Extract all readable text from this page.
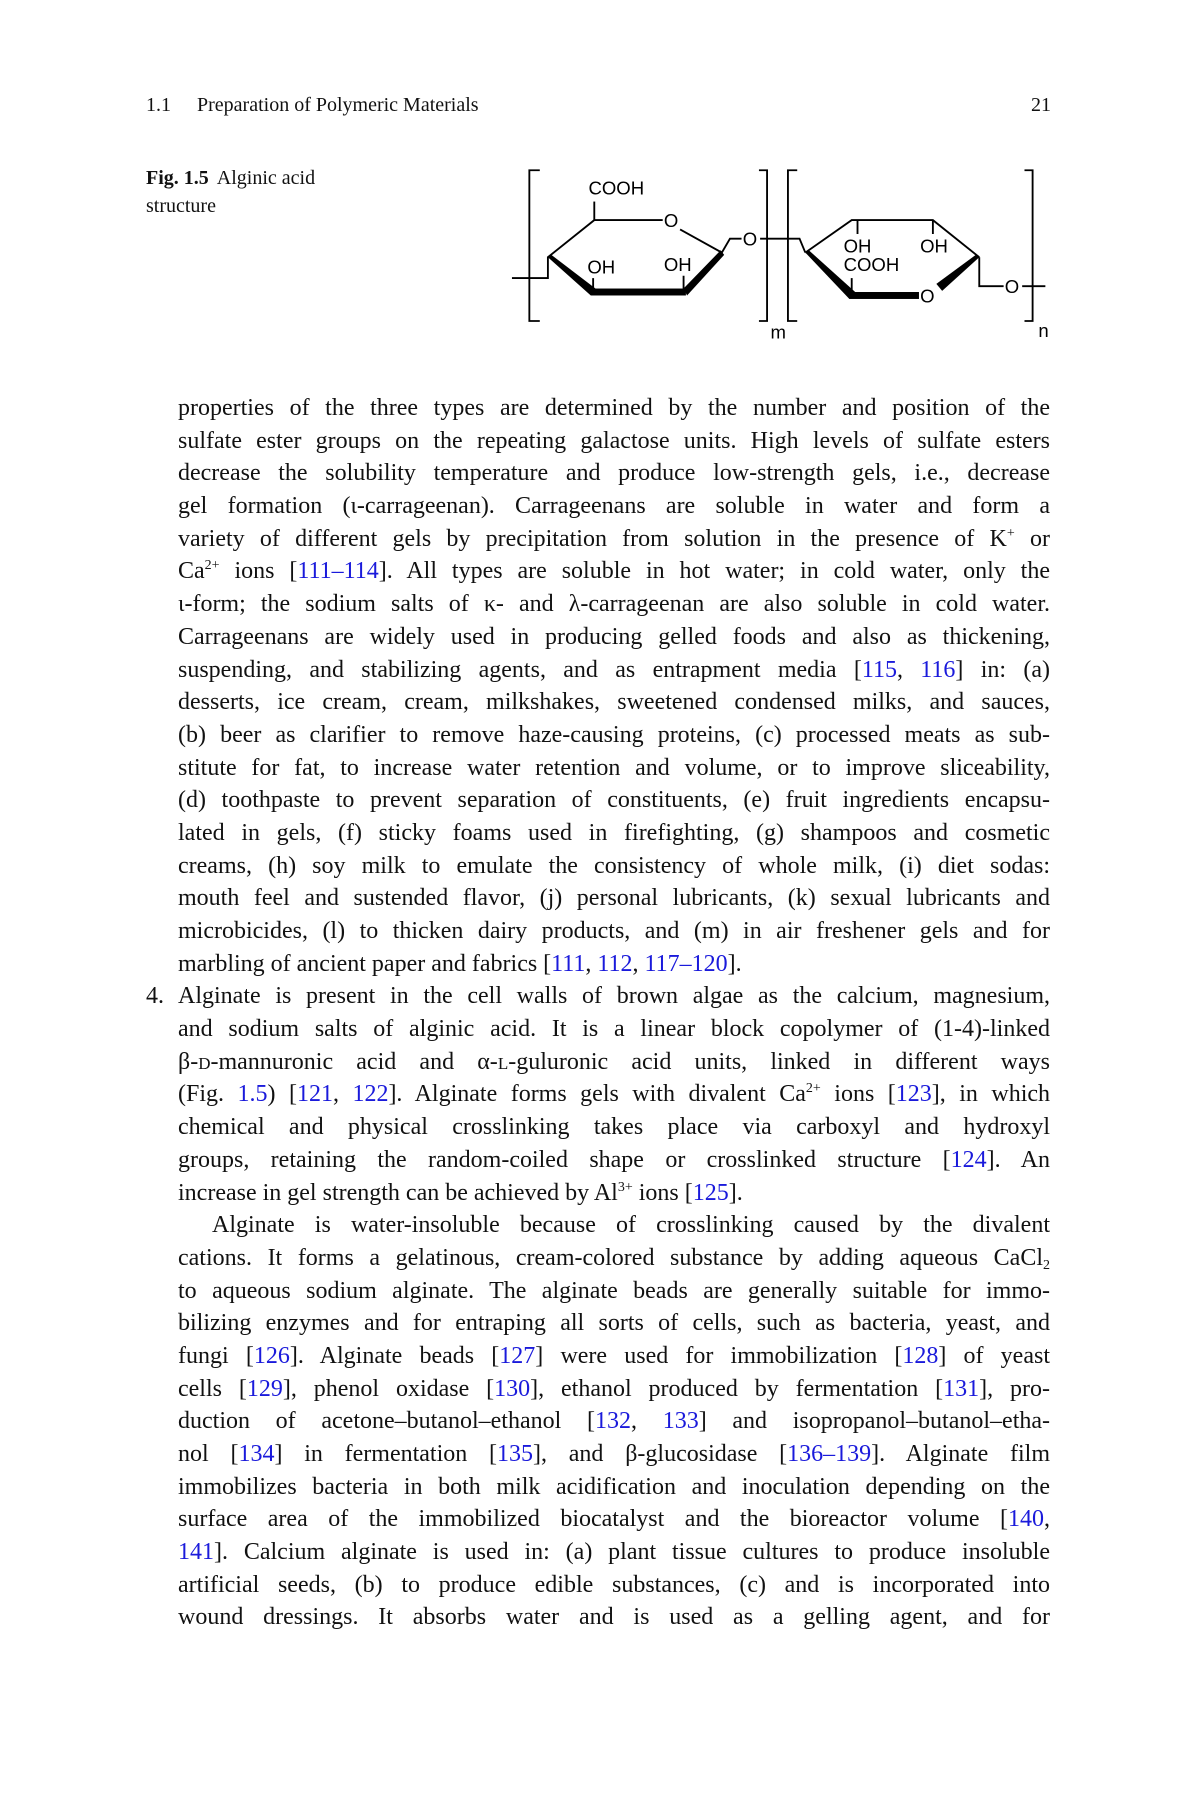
1.1 Preparation of Polymeric Materials	21
Fig. 1.5 Alginic acid structure
COOH
O
OH	OH
O	OH	OH
COOH
O	O
m	n
properties of the three types are determined by the number and position of the
sulfate ester groups on the repeating galactose units. High levels of sulfate esters
decrease the solubility temperature and produce low-strength gels, i.e., decrease
gel formation (ι-carrageenan). Carrageenans are soluble in water and form a
variety of different gels by precipitation from solution in the presence of K+ or
$Ca^{2+}$ ions [111–114]. All types are soluble in hot water; in cold water, only the
ι-form; the sodium salts of κ- and λ-carrageenan are also soluble in cold water.
Carrageenans are widely used in producing gelled foods and also as thickening,
suspending, and stabilizing agents, and as entrapment media [115, 116] in: (a)
desserts, ice cream, cream, milkshakes, sweetened condensed milks, and sauces,
(b) beer as clarifier to remove haze-causing proteins, (c) processed meats as sub-
stitute for fat, to increase water retention and volume, or to improve sliceability,
(d) toothpaste to prevent separation of constituents, (e) fruit ingredients encapsu-
lated in gels, (f) sticky foams used in firefighting, (g) shampoos and cosmetic
creams, (h) soy milk to emulate the consistency of whole milk, (i) diet sodas:
mouth feel and sustended flavor, (j) personal lubricants, (k) sexual lubricants and
microbicides, (l) to thicken dairy products, and (m) in air freshener gels and for
marbling of ancient paper and fabrics [111, 112, 117–120].
4. Alginate is present in the cell walls of brown algae as the calcium, magnesium,
and sodium salts of alginic acid. It is a linear block copolymer of (1-4)-linked
β-d-mannuronic acid and α-l-guluronic acid units, linked in different ways
(Fig. 1.5) [121, 122]. Alginate forms gels with divalent $Ca^{2+}$ ions [123], in which
chemical and physical crosslinking takes place via carboxyl and hydroxyl
groups, retaining the random-coiled shape or crosslinked structure [124]. An
increase in gel strength can be achieved by $Al^{3+}$ ions [125].
Alginate is water-insoluble because of crosslinking caused by the divalent
cations. It forms a gelatinous, cream-colored substance by adding aqueous CaCl$_2$
to aqueous sodium alginate. The alginate beads are generally suitable for immo-
bilizing enzymes and for entraping all sorts of cells, such as bacteria, yeast, and
fungi [126]. Alginate beads [127] were used for immobilization [128] of yeast
cells [129], phenol oxidase [130], ethanol produced by fermentation [131], pro-
duction of acetone–butanol–ethanol [132, 133] and isopropanol–butanol–etha-
nol [134] in fermentation [135], and β-glucosidase [136–139]. Alginate film
immobilizes bacteria in both milk acidification and inoculation depending on the
surface area of the immobilized biocatalyst and the bioreactor volume [140,
141]. Calcium alginate is used in: (a) plant tissue cultures to produce insoluble
artificial seeds, (b) to produce edible substances, (c) and is incorporated into
wound dressings. It absorbs water and is used as a gelling agent, and for
